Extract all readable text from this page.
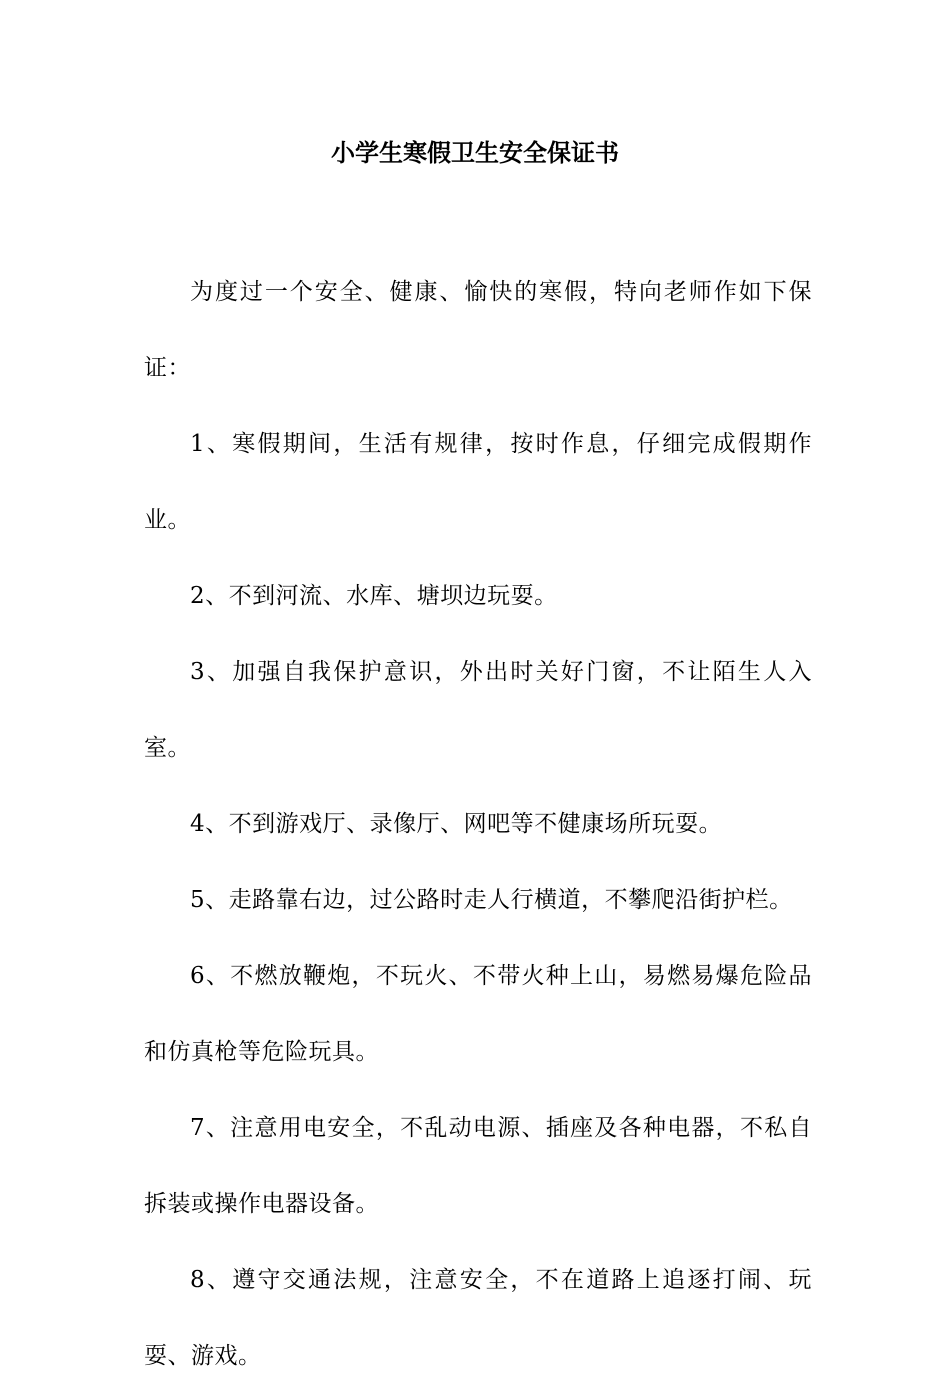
小学生寒假卫生安全保证书

为度过一个安全、健康、愉快的寒假，特向老师作如下保证：

1、寒假期间，生活有规律，按时作息，仔细完成假期作业。

2、不到河流、水库、塘坝边玩耍。

3、加强自我保护意识，外出时关好门窗，不让陌生人入室。

4、不到游戏厅、录像厅、网吧等不健康场所玩耍。

5、走路靠右边，过公路时走人行横道，不攀爬沿街护栏。

6、不燃放鞭炮，不玩火、不带火种上山，易燃易爆危险品和仿真枪等危险玩具。

7、注意用电安全，不乱动电源、插座及各种电器，不私自拆装或操作电器设备。

8、遵守交通法规，注意安全，不在道路上追逐打闹、玩耍、游戏。
